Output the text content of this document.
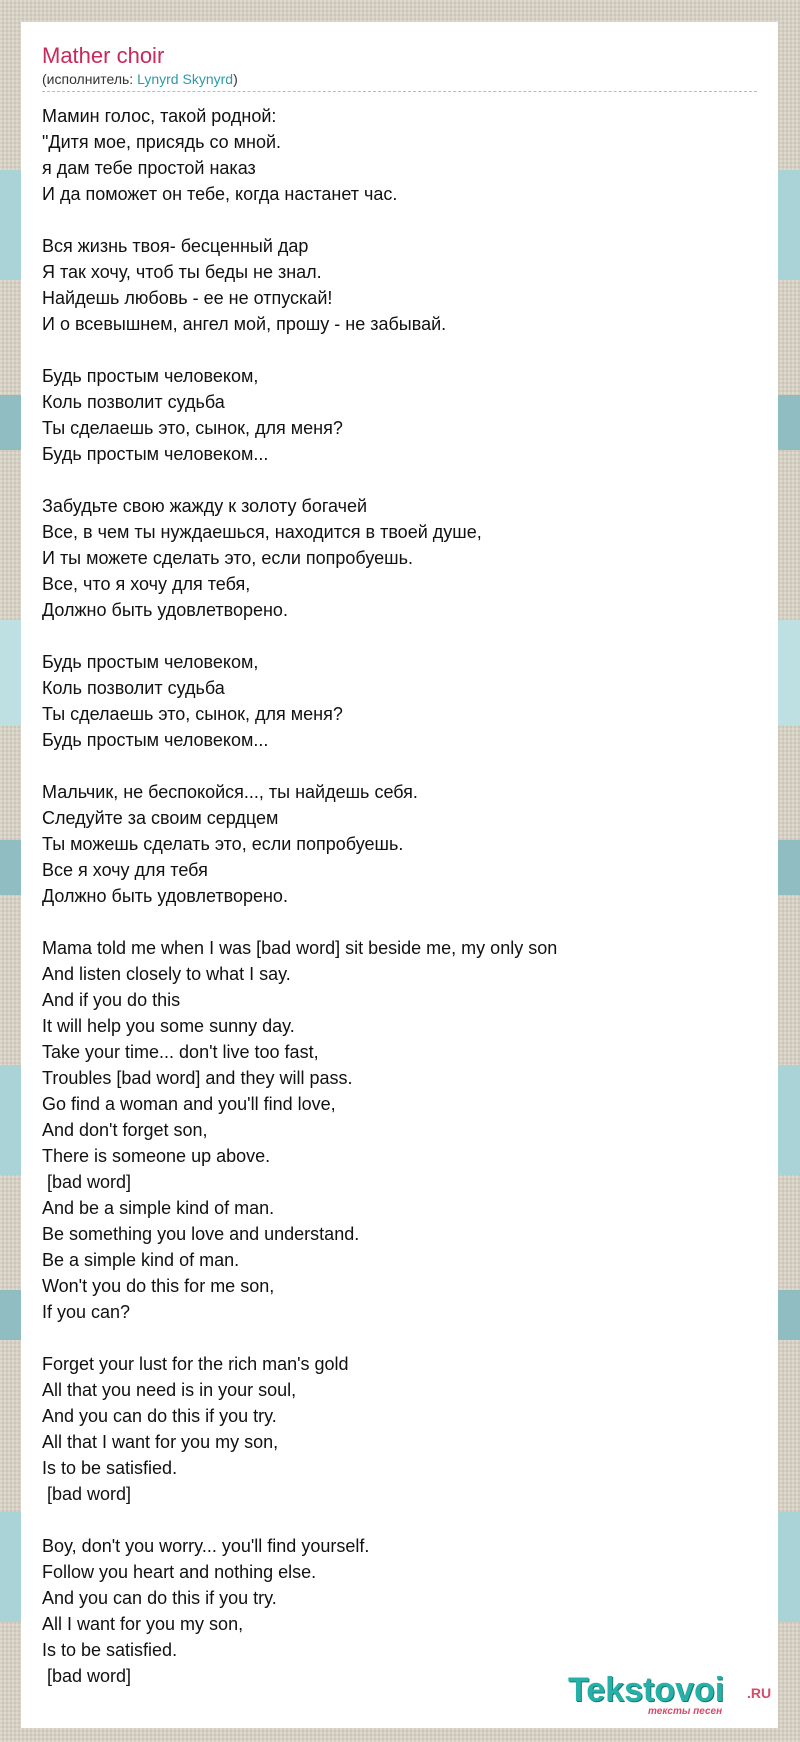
Mather choir
(исполнитель: Lynyrd Skynyrd)
Мамин голос, такой родной:
"Дитя мое, присядь со мной.
я дам тебе простой наказ
И да поможет он тебе, когда настанет час.
Вся жизнь твоя- бесценный дар
Я так хочу, чтоб ты беды не знал.
Найдешь любовь - ее не отпускай!
И о всевышнем, ангел мой, прошу - не забывай.
Будь простым человеком,
Коль позволит судьба
Ты сделаешь это, сынок, для меня?
Будь простым человеком...
Забудьте свою жажду к золоту богачей
Все, в чем ты нуждаешься, находится в твоей душе,
И ты можете сделать это, если попробуешь.
Все, что я хочу для тебя,
Должно быть удовлетворено.
Будь простым человеком,
Коль позволит судьба
Ты сделаешь это, сынок, для меня?
Будь простым человеком...
Мальчик, не беспокойся..., ты найдешь себя.
Следуйте за своим сердцем
Ты можешь сделать это, если попробуешь.
Все я хочу для тебя
Должно быть удовлетворено.
Mama told me when I was [bad word] sit beside me, my only son
And listen closely to what I say.
And if you do this
It will help you some sunny day.
Take your time... don't live too fast,
Troubles [bad word] and they will pass.
Go find a woman and you'll find love,
And don't forget son,
There is someone up above.
[bad word]
And be a simple kind of man.
Be something you love and understand.
Be a simple kind of man.
Won't you do this for me son,
If you can?
Forget your lust for the rich man's gold
All that you need is in your soul,
And you can do this if you try.
All that I want for you my son,
Is to be satisfied.
[bad word]
Boy, don't you worry... you'll find yourself.
Follow you heart and nothing else.
And you can do this if you try.
All I want for you my son,
Is to be satisfied.
[bad word]	Tekstovoi .RU
тексты песен
